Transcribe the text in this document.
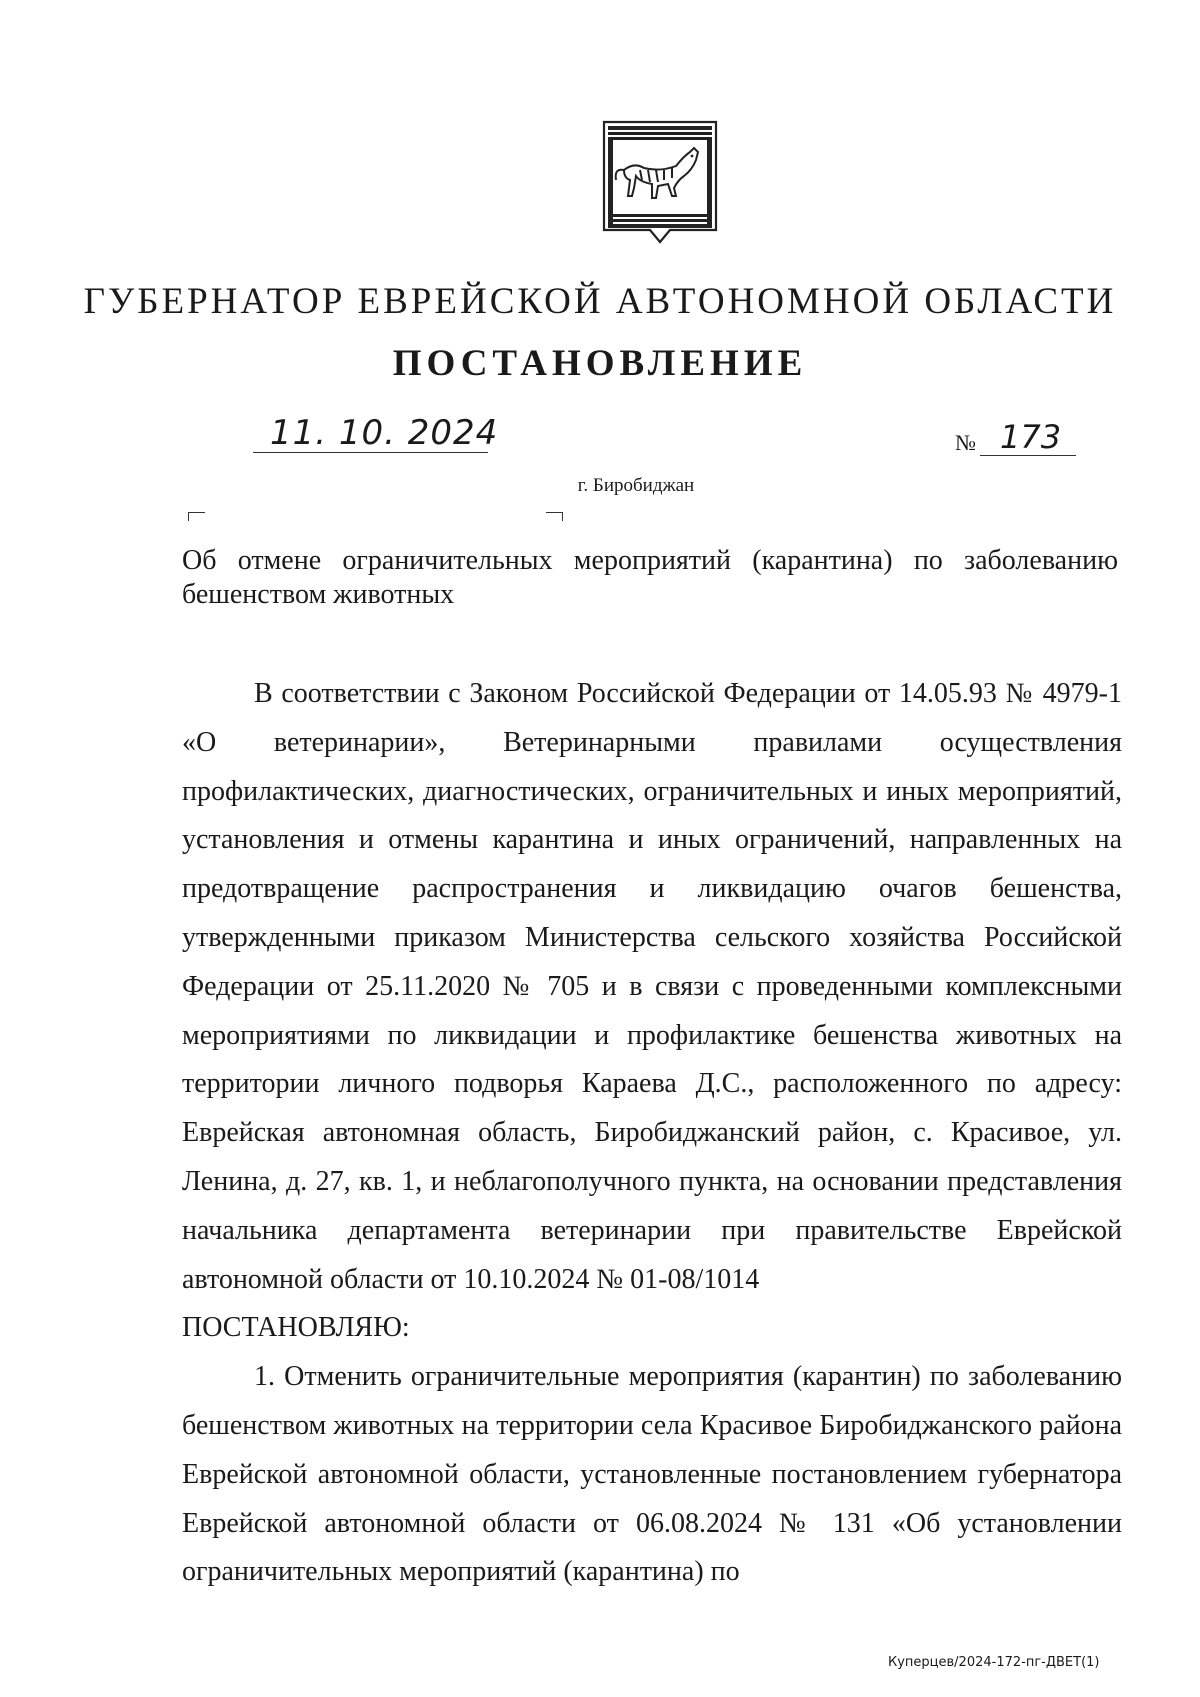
ГУБЕРНАТОР ЕВРЕЙСКОЙ АВТОНОМНОЙ ОБЛАСТИ
ПОСТАНОВЛЕНИЕ
11. 10. 2024	№ 173
г. Биробиджан
Об отмене ограничительных мероприятий (карантина) по заболеванию бешенством животных

В соответствии с Законом Российской Федерации от 14.05.93 № 4979-1 «О ветеринарии», Ветеринарными правилами осуществления профилактических, диагностических, ограничительных и иных мероприятий, установления и отмены карантина и иных ограничений, направленных на предотвращение распространения и ликвидацию очагов бешенства, утвержденными приказом Министерства сельского хозяйства Российской Федерации от 25.11.2020 № 705 и в связи с проведенными комплексными мероприятиями по ликвидации и профилактике бешенства животных на территории личного подворья Караева Д.С., расположенного по адресу: Еврейская автономная область, Биробиджанский район, с. Красивое, ул. Ленина, д. 27, кв. 1, и неблагополучного пункта, на основании представления начальника департамента ветеринарии при правительстве Еврейской автономной области от 10.10.2024 № 01-08/1014

ПОСТАНОВЛЯЮ:

1. Отменить ограничительные мероприятия (карантин) по заболеванию бешенством животных на территории села Красивое Биробиджанского района Еврейской автономной области, установленные постановлением губернатора Еврейской автономной области от 06.08.2024 № 131 «Об установлении ограничительных мероприятий (карантина) по

Куперцев/2024-172-пг-ДВЕТ(1)
